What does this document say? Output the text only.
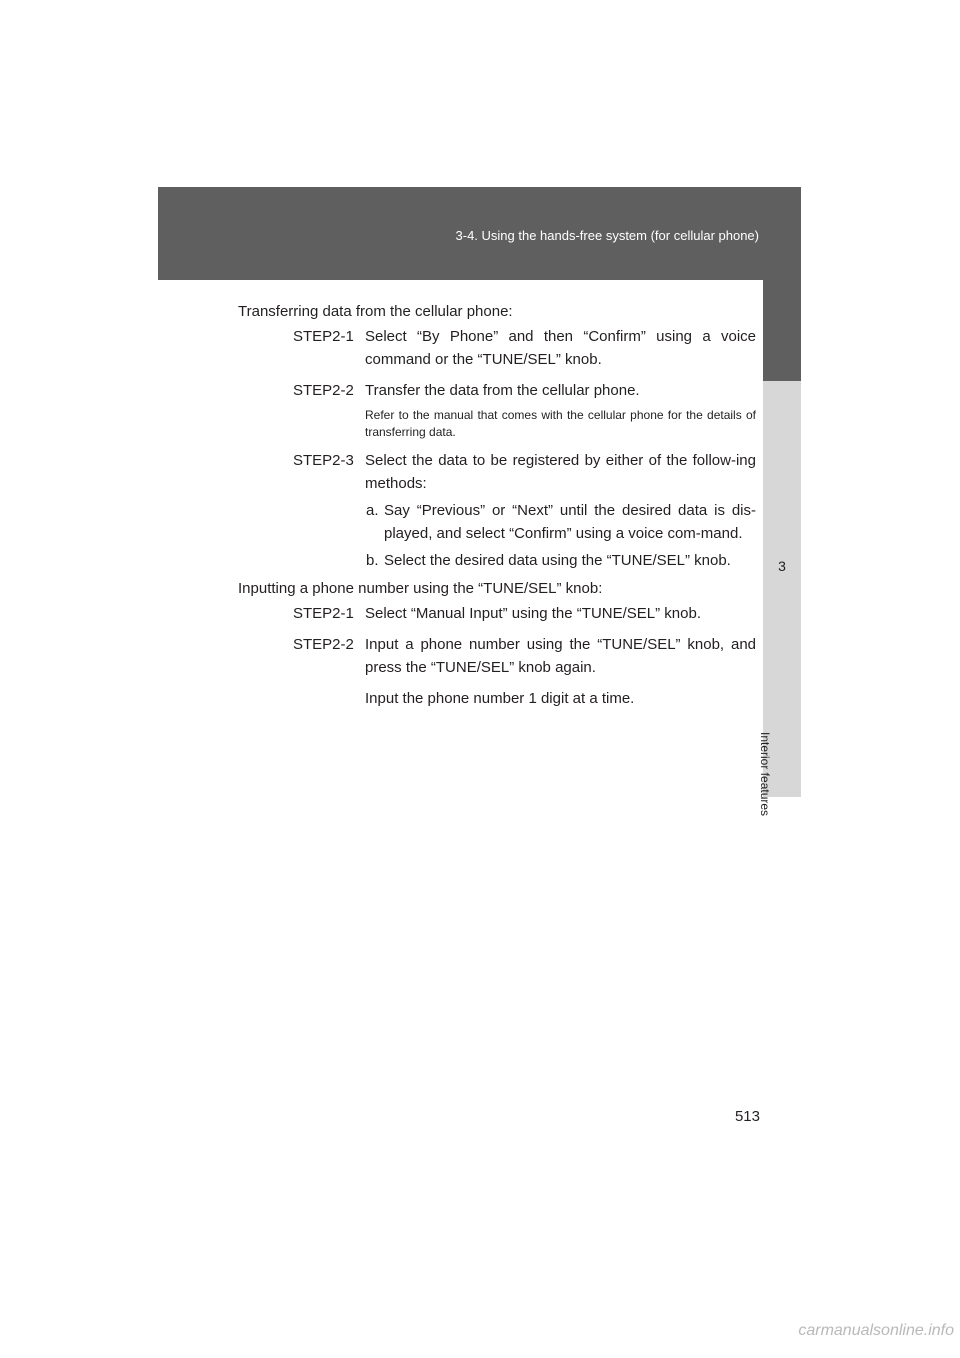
3-4. Using the hands-free system (for cellular phone)
3
Interior features
Transferring data from the cellular phone:
STEP2-1 Select “By Phone” and then “Confirm” using a voice command or the “TUNE/SEL” knob.
STEP2-2 Transfer the data from the cellular phone.
Refer to the manual that comes with the cellular phone for the details of transferring data.
STEP2-3 Select the data to be registered by either of the follow-ing methods:
a. Say “Previous” or “Next” until the desired data is dis-played, and select “Confirm” using a voice com-mand.
b. Select the desired data using the “TUNE/SEL” knob.
Inputting a phone number using the “TUNE/SEL” knob:
STEP2-1 Select “Manual Input” using the “TUNE/SEL” knob.
STEP2-2 Input a phone number using the “TUNE/SEL” knob, and press the “TUNE/SEL” knob again.
Input the phone number 1 digit at a time.
513
carmanualsonline.info
